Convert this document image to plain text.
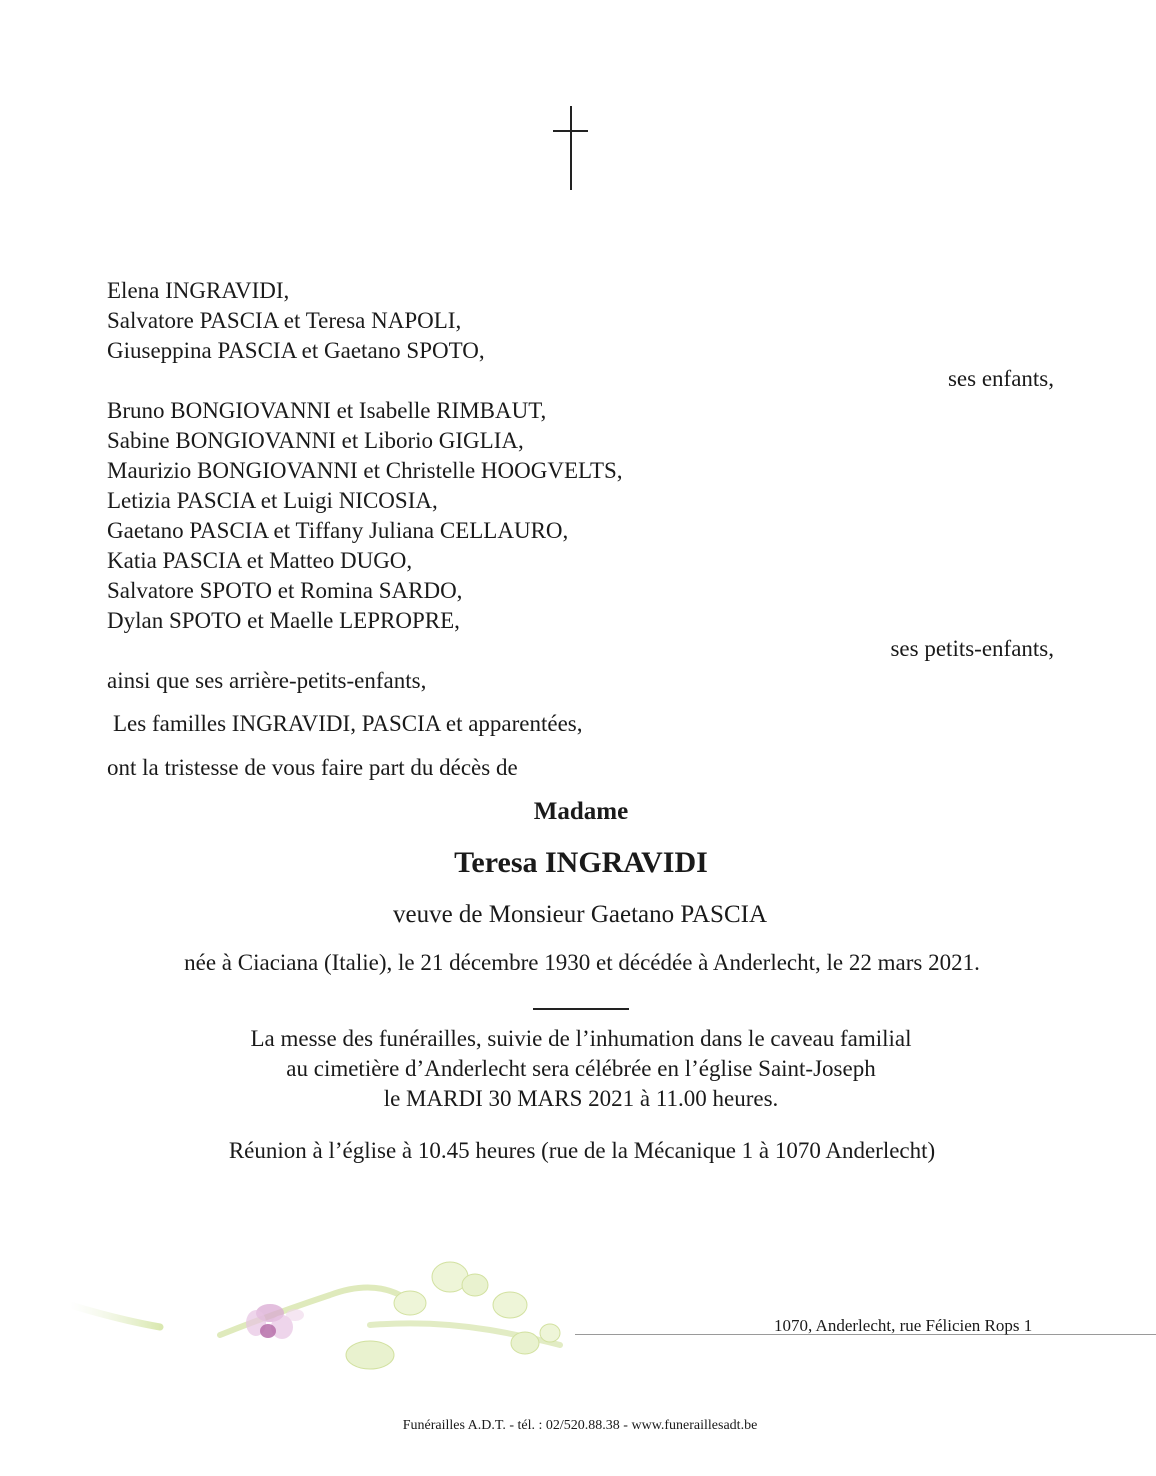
Elena INGRAVIDI,
Salvatore PASCIA et Teresa NAPOLI,
Giuseppina PASCIA et Gaetano SPOTO,
ses enfants,
Bruno BONGIOVANNI et Isabelle RIMBAUT,
Sabine BONGIOVANNI et Liborio GIGLIA,
Maurizio BONGIOVANNI et Christelle HOOGVELTS,
Letizia PASCIA et Luigi NICOSIA,
Gaetano PASCIA et Tiffany Juliana CELLAURO,
Katia PASCIA et Matteo DUGO,
Salvatore SPOTO et Romina SARDO,
Dylan SPOTO et Maelle LEPROPRE,
ses petits-enfants,
ainsi que ses arrière-petits-enfants,
Les familles INGRAVIDI, PASCIA et apparentées,
ont la tristesse de vous faire part du décès de
Madame
Teresa INGRAVIDI
veuve de Monsieur Gaetano PASCIA
née à Ciaciana (Italie), le 21 décembre 1930 et décédée à Anderlecht, le 22 mars 2021.
La messe des funérailles, suivie de l’inhumation dans le caveau familial
au cimetière d’Anderlecht sera célébrée en l’église Saint-Joseph
le MARDI 30 MARS 2021 à 11.00 heures.
Réunion à l’église à 10.45 heures (rue de la Mécanique 1 à 1070 Anderlecht)
1070, Anderlecht, rue Félicien Rops 1
Funérailles A.D.T. - tél. : 02/520.88.38 - www.funeraillesadt.be
